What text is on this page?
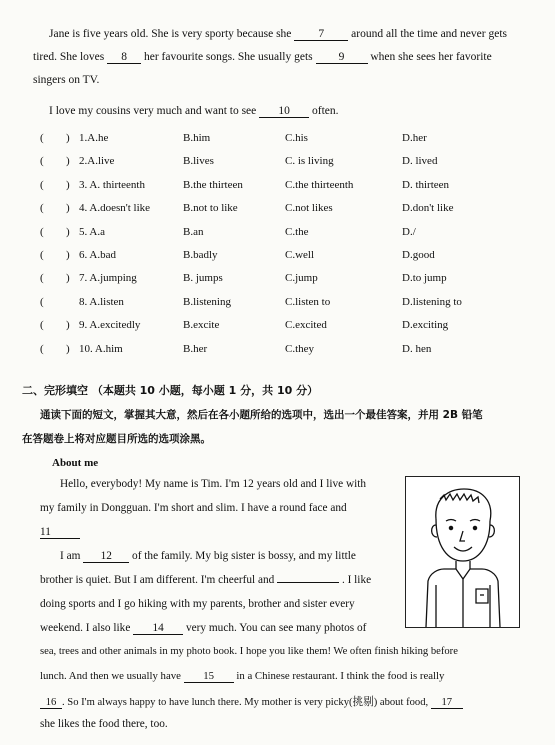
Jane is five years old. She is very sporty because she 7 around all the time and never gets
tired. She loves 8 her favourite songs. She usually gets 9 when she sees her favorite
singers on TV.
I love my cousins very much and want to see 10 often.
( ) 1.A.he	B.him	C.his	D.her
( ) 2.A.live	B.lives	C. is living	D. lived
( ) 3. A. thirteenth	B.the thirteen	C.the thirteenth	D. thirteen
( ) 4. A.doesn't like	B.not to like	C.not likes	D.don't like
( ) 5. A.a	B.an	C.the	D./
( ) 6. A.bad	B.badly	C.well	D.good
( ) 7. A.jumping	B. jumps	C.jump	D.to jump
(	8. A.listen	B.listening	C.listen to	D.listening to
( ) 9. A.excitedly	B.excite	C.excited	D.exciting
( ) 10. A.him	B.her	C.they	D. hen
二、完形填空 （本题共 10 小题，每小题 1 分，共 10 分）
通读下面的短文，掌握其大意，然后在各小题所给的选项中，选出一个最佳答案，并用 2B 铅笔
在答题卷上将对应题目所选的选项涂黑。
About me
Hello, everybody! My name is Tim. I'm 12 years old and I live with
my family in Dongguan. I'm short and slim. I have a round face and
11
I am 12 of the family. My big sister is bossy, and my little
brother is quiet. But I am different. I'm cheerful and	. I like
doing sports and I go hiking with my parents, brother and sister every
weekend. I also like 14 very much. You can see many photos of
sea, trees and other animals in my photo book. I hope you like them! We often finish hiking before
lunch. And then we usually have 15 in a Chinese restaurant. I think the food is really
16 . So I'm always happy to have lunch there. My mother is very picky(挑剔) about food, 17
she likes the food there, too.
